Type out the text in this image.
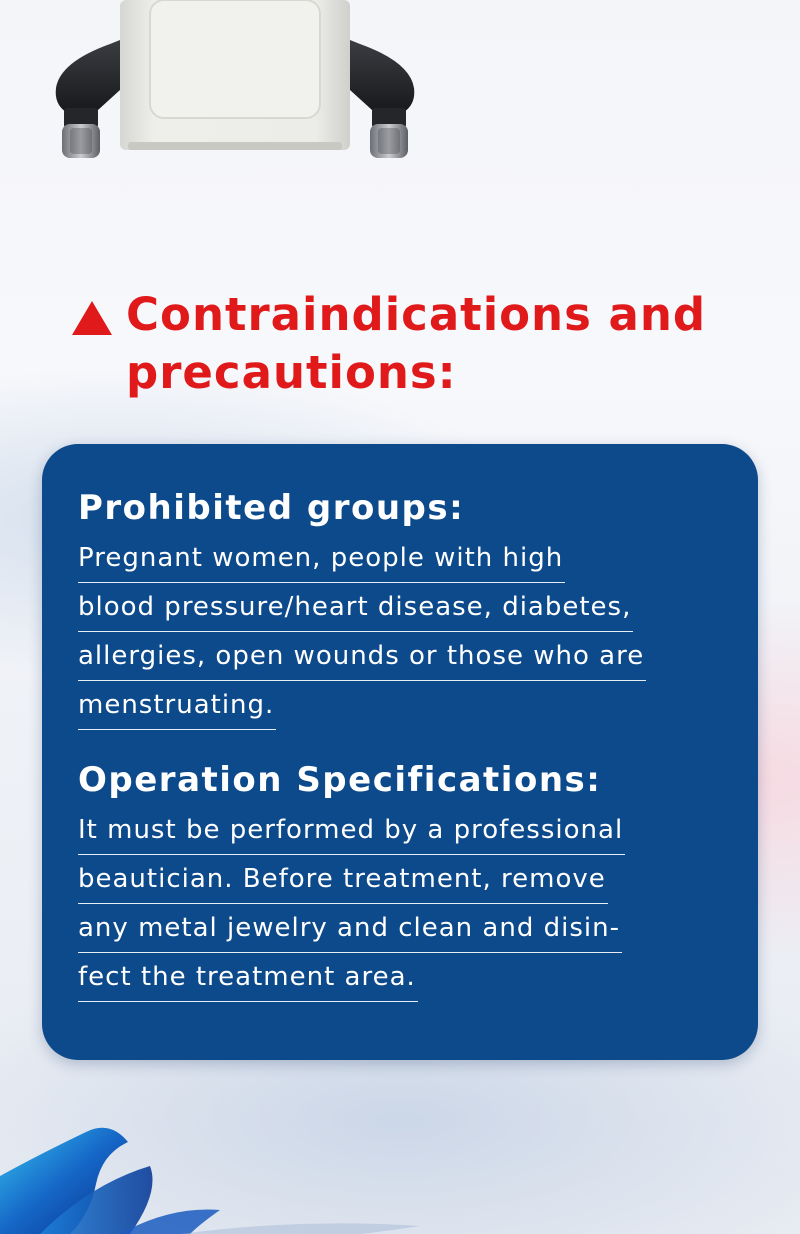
Contraindications and precautions:
Prohibited groups:
Pregnant women, people with high
blood pressure/heart disease, diabetes,
allergies, open wounds or those who are
menstruating.
Operation Specifications:
It must be performed by a professional
beautician. Before treatment, remove
any metal jewelry and clean and disin-
fect the treatment area.
